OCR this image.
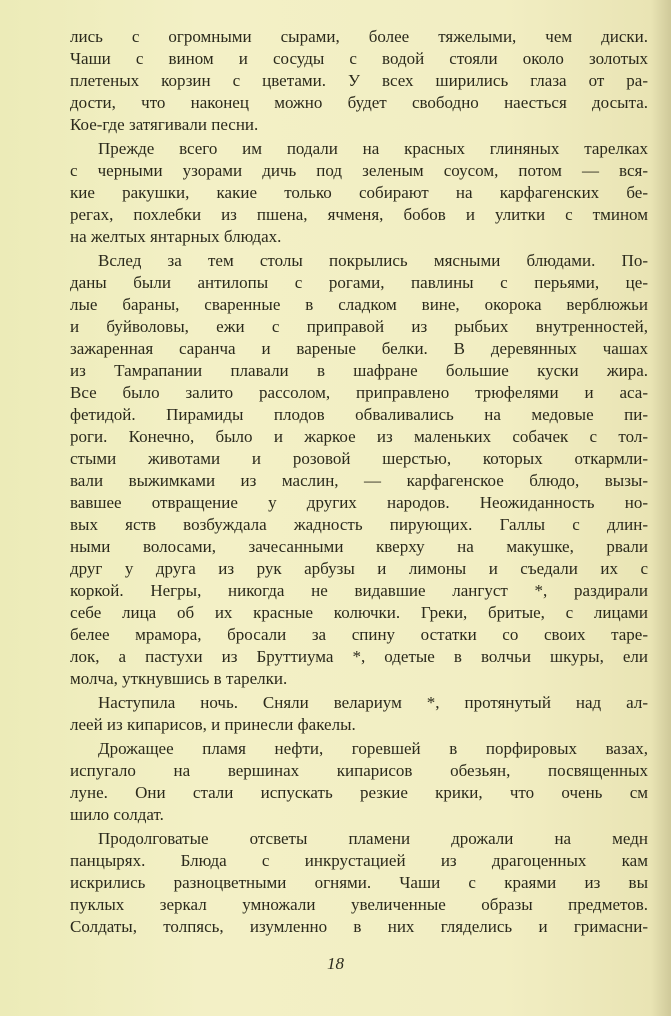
лись с огромными сырами, более тяжелыми, чем диски.
Чаши с вином и сосуды с водой стояли около золотых
плетеных корзин с цветами. У всех ширились глаза от ра-
дости, что наконец можно будет свободно наесться досыта.
Кое-где затягивали песни.
Прежде всего им подали на красных глиняных тарелках
с черными узорами дичь под зеленым соусом, потом — вся-
кие ракушки, какие только собирают на карфагенских бе-
регах, похлебки из пшена, ячменя, бобов и улитки с тмином
на желтых янтарных блюдах.
Вслед за тем столы покрылись мясными блюдами. По-
даны были антилопы с рогами, павлины с перьями, це-
лые бараны, сваренные в сладком вине, окорока верблюжьи
и буйволовы, ежи с приправой из рыбьих внутренностей,
зажаренная саранча и вареные белки. В деревянных чашах
из Тамрапании плавали в шафране большие куски жира.
Все было залито рассолом, приправлено трюфелями и аса-
фетидой. Пирамиды плодов обваливались на медовые пи-
роги. Конечно, было и жаркое из маленьких собачек с тол-
стыми животами и розовой шерстью, которых откармли-
вали выжимками из маслин, — карфагенское блюдо, вызы-
вавшее отвращение у других народов. Неожиданность но-
вых яств возбуждала жадность пирующих. Галлы с длин-
ными волосами, зачесанными кверху на макушке, рвали
друг у друга из рук арбузы и лимоны и съедали их с
коркой. Негры, никогда не видавшие лангуст *, раздирали
себе лица об их красные колючки. Греки, бритые, с лицами
белее мрамора, бросали за спину остатки со своих таре-
лок, а пастухи из Бруттиума *, одетые в волчьи шкуры, ели
молча, уткнувшись в тарелки.
Наступила ночь. Сняли велариум *, протянутый над ал-
леей из кипарисов, и принесли факелы.
Дрожащее пламя нефти, горевшей в порфировых вазах,
испугало на вершинах кипарисов обезьян, посвященных
луне. Они стали испускать резкие крики, что очень см
шило солдат.
Продолговатые отсветы пламени дрожали на медн
панцырях. Блюда с инкрустацией из драгоценных кам
искрились разноцветными огнями. Чаши с краями из вы
пуклых зеркал умножали увеличенные образы предметов.
Солдаты, толпясь, изумленно в них гляделись и гримасни-
18
